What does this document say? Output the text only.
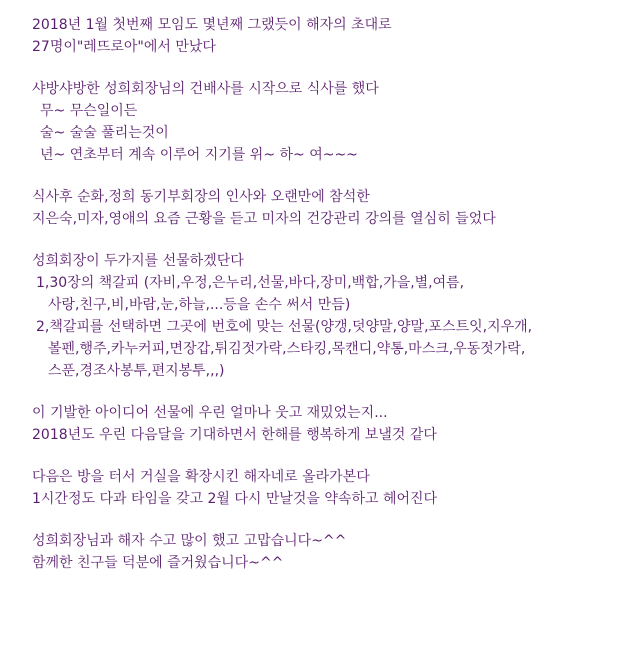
2018년 1월 첫번째 모임도 몇년째 그랬듯이 해자의 초대로
27명이"레뜨로아"에서 만났다
샤방샤방한 성희회장님의 건배사를 시작으로 식사를 했다
무~ 무슨일이든
술~ 술술 풀리는것이
년~ 연초부터 계속 이루어 지기를 위~ 하~ 여~~~
식사후 순화,정희 동기부회장의 인사와 오랜만에 참석한
지은숙,미자,영애의 요즘 근황을 듣고 미자의 건강관리 강의를 열심히 들었다
성희회장이 두가지를 선물하겠단다
1,30장의 책갈피 (자비,우정,은누리,선물,바다,장미,백합,가을,별,여름,
사랑,친구,비,바람,눈,하늘,...등을 손수 써서 만듬)
2,책갈피를 선택하면 그곳에 번호에 맞는 선물(양갱,덧양말,양말,포스트잇,지우개,
볼펜,행주,카누커피,면장갑,튀김젓가락,스타킹,목캔디,약통,마스크,우동젓가락,
스푼,경조사봉투,편지봉투,,,)
이 기발한 아이디어 선물에 우린 얼마나 웃고 재밌었는지...
2018년도 우린 다음달을 기대하면서 한해를 행복하게 보낼것 같다
다음은 방을 터서 거실을 확장시킨 해자네로 올라가본다
1시간정도 다과 타임을 갖고 2월 다시 만날것을 약속하고 헤어진다
성희회장님과 해자 수고 많이 했고 고맙습니다~^^
함께한 친구들 덕분에 즐거웠습니다~^^
